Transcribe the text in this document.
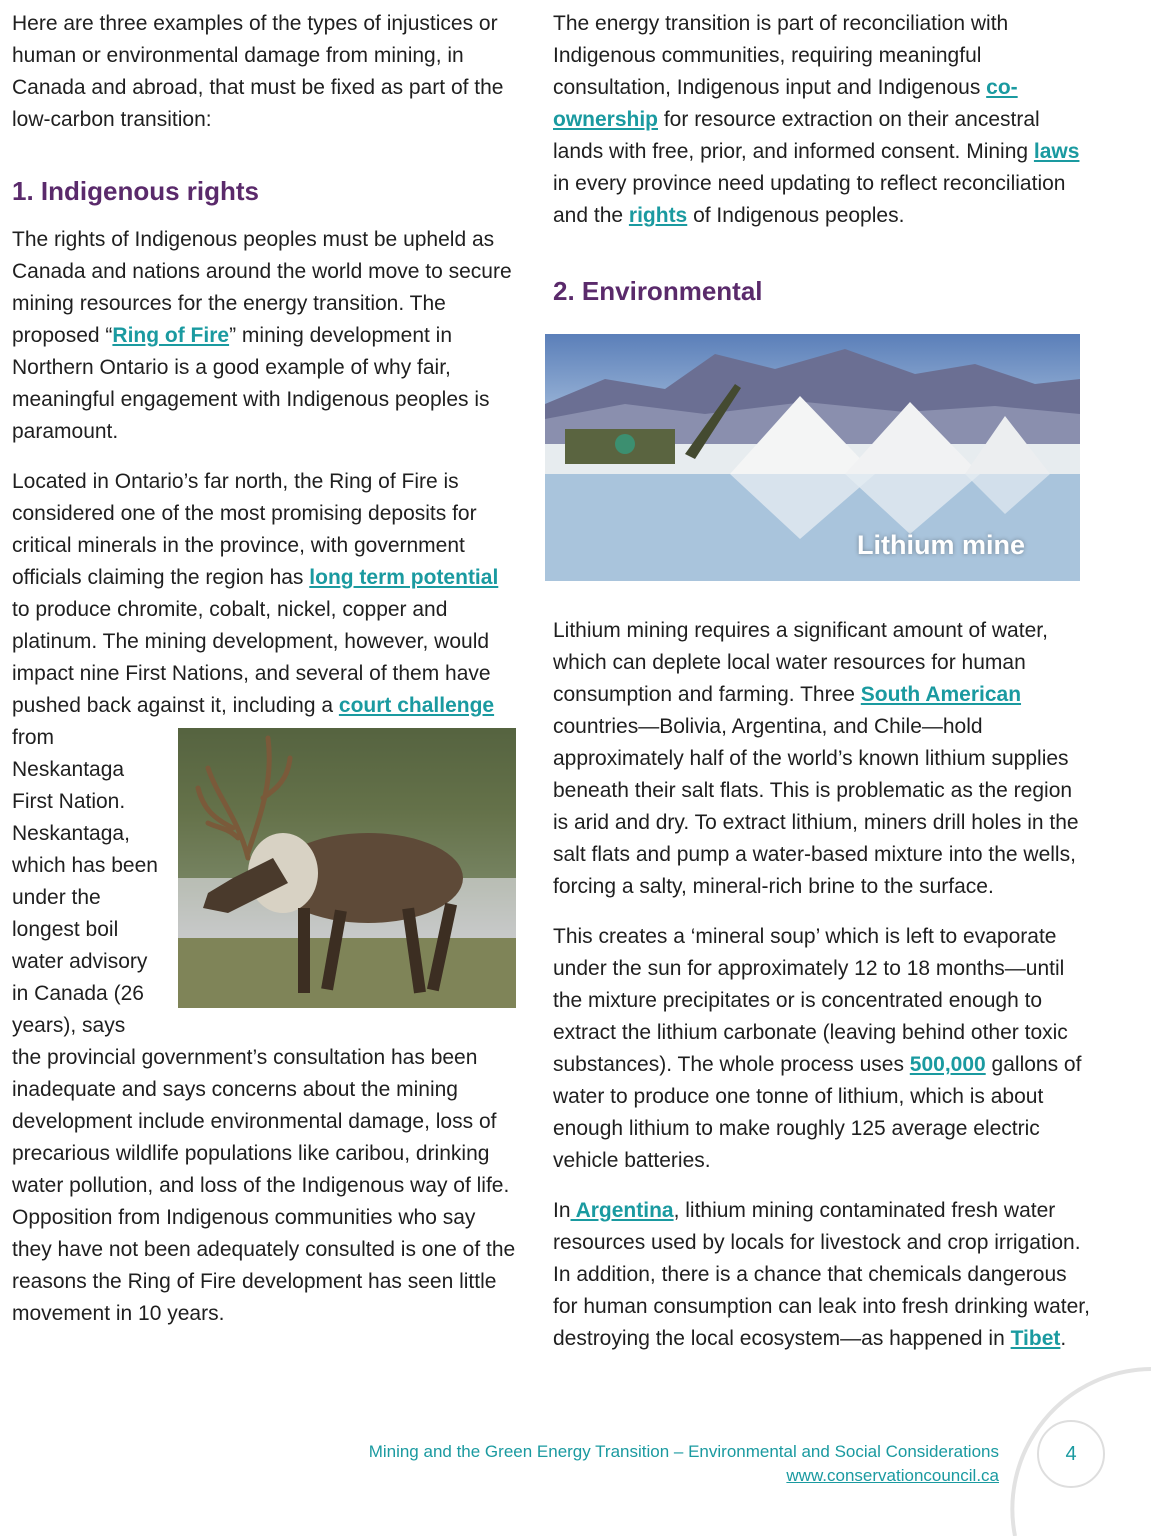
Here are three examples of the types of injustices or human or environmental damage from mining, in Canada and abroad, that must be fixed as part of the low-carbon transition:

1. Indigenous rights

The rights of Indigenous peoples must be upheld as Canada and nations around the world move to secure mining resources for the energy transition. The proposed “Ring of Fire” mining development in Northern Ontario is a good example of why fair, meaningful engagement with Indigenous peoples is paramount.

Located in Ontario’s far north, the Ring of Fire is considered one of the most promising deposits for critical minerals in the province, with government officials claiming the region has long term potential to produce chromite, cobalt, nickel, copper and platinum. The mining development, however, would impact nine First Nations, and several of them have pushed back against it, including a
court challenge from Neskantaga First Nation. Neskantaga, which has been under the longest boil water advisory in Canada (26 years), says the provincial government’s consultation has been inadequate and says concerns about the mining development include environmental damage, loss of precarious wildlife populations like caribou, drinking water pollution, and loss of the Indigenous way of life. Opposition from Indigenous communities who say they have not been adequately consulted is one of the reasons the Ring of Fire development has seen little movement in 10 years.

The energy transition is part of reconciliation with Indigenous communities, requiring meaningful consultation, Indigenous input and Indigenous co-ownership for resource extraction on their ancestral lands with free, prior, and informed consent. Mining laws in every province need updating to reflect reconciliation and the rights of Indigenous peoples.

2. Environmental
Lithium mine

Lithium mining requires a significant amount of water, which can deplete local water resources for human consumption and farming. Three South American countries—Bolivia, Argentina, and Chile—hold approximately half of the world’s known lithium supplies beneath their salt flats. This is problematic as the region is arid and dry. To extract lithium, miners drill holes in the salt flats and pump a water-based mixture into the wells, forcing a salty, mineral-rich brine to the surface.

This creates a ‘mineral soup’ which is left to evaporate under the sun for approximately 12 to 18 months—until the mixture precipitates or is concentrated enough to extract the lithium carbonate (leaving behind other toxic substances). The whole process uses 500,000 gallons of water to produce one tonne of lithium, which is about enough lithium to make roughly 125 average electric vehicle batteries.

In Argentina, lithium mining contaminated fresh water resources used by locals for livestock and crop irrigation. In addition, there is a chance that chemicals dangerous for human consumption can leak into fresh drinking water, destroying the local ecosystem—as happened in Tibet.

Mining and the Green Energy Transition – Environmental and Social Considerations
www.conservationcouncil.ca
4
